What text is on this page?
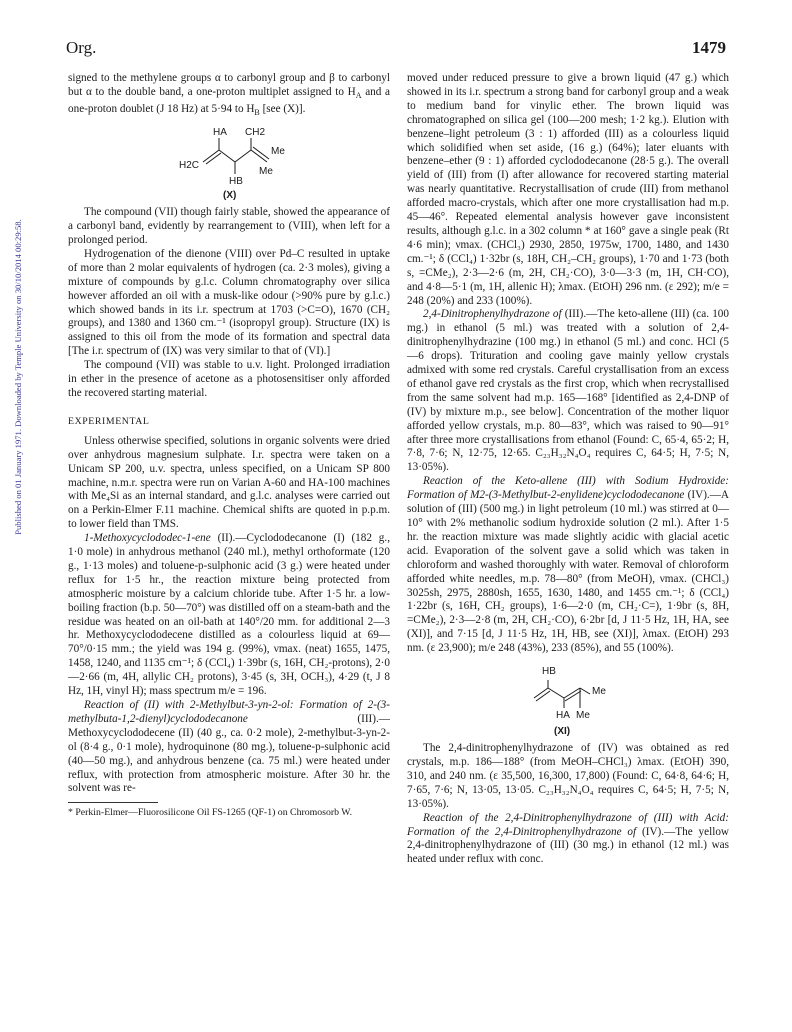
Org.	1479
Published on 01 January 1971. Downloaded by Temple University on 30/10/2014 00:29:58.

signed to the methylene groups α to carbonyl group and β to carbonyl but α to the double band, a one-proton multiplet assigned to $H_A$ and a one-proton doublet (J 18 Hz) at 5·94 to $H_B$ [see (X)].

HA CH2
Me
H2C
HB
Me
(X)

The compound (VII) though fairly stable, showed the appearance of a carbonyl band, evidently by rearrangement to (VIII), when left for a prolonged period.

Hydrogenation of the dienone (VIII) over Pd–C resulted in uptake of more than 2 molar equivalents of hydrogen (ca. 2·3 moles), giving a mixture of compounds by g.l.c. Column chromatography over silica however afforded an oil with a musk-like odour (>90% pure by g.l.c.) which showed bands in its i.r. spectrum at 1703 (>C=O), 1670 (CH₂ groups), and 1380 and 1360 cm.⁻¹ (isopropyl group). Structure (IX) is assigned to this oil from the mode of its formation and spectral data [The i.r. spectrum of (IX) was very similar to that of (VI).]

The compound (VII) was stable to u.v. light. Prolonged irradiation in ether in the presence of acetone as a photosensitiser only afforded the recovered starting material.

EXPERIMENTAL

Unless otherwise specified, solutions in organic solvents were dried over anhydrous magnesium sulphate. I.r. spectra were taken on a Unicam SP 200, u.v. spectra, unless specified, on a Unicam SP 800 machine, n.m.r. spectra were run on Varian A-60 and HA-100 machines with Me₄Si as an internal standard, and g.l.c. analyses were carried out on a Perkin-Elmer F.11 machine. Chemical shifts are quoted in p.p.m. to lower field than TMS.

1-Methoxycyclododec-1-ene (II).—Cyclododecanone (I) (182 g., 1·0 mole) in anhydrous methanol (240 ml.), methyl orthoformate (120 g., 1·13 moles) and toluene-p-sulphonic acid (3 g.) were heated under reflux for 1·5 hr., the reaction mixture being protected from atmospheric moisture by a calcium chloride tube. After 1·5 hr. a low-boiling fraction (b.p. 50—70°) was distilled off on a steam-bath and the residue was heated on an oil-bath at 140°/20 mm. for additional 2—3 hr. Methoxycyclododecene distilled as a colourless liquid at 69—70°/0·15 mm.; the yield was 194 g. (99%), νmax. (neat) 1655, 1475, 1458, 1240, and 1135 cm⁻¹; δ (CCl₄) 1·39br (s, 16H, CH₂-protons), 2·0—2·66 (m, 4H, allylic CH₂ protons), 3·45 (s, 3H, OCH₃), 4·29 (t, J 8 Hz, 1H, vinyl H); mass spectrum m/e = 196.

Reaction of (II) with 2-Methylbut-3-yn-2-ol: Formation of 2-(3-methylbuta-1,2-dienyl)cyclododecanone (III).—Methoxycyclododecene (II) (40 g., ca. 0·2 mole), 2-methylbut-3-yn-2-ol (8·4 g., 0·1 mole), hydroquinone (80 mg.), toluene-p-sulphonic acid (40—50 mg.), and anhydrous benzene (ca. 75 ml.) were heated under reflux, with protection from atmospheric moisture. After 30 hr. the solvent was re-

* Perkin-Elmer—Fluorosilicone Oil FS-1265 (QF-1) on Chromosorb W.

moved under reduced pressure to give a brown liquid (47 g.) which showed in its i.r. spectrum a strong band for carbonyl group and a weak to medium band for vinylic ether. The brown liquid was chromatographed on silica gel (100—200 mesh; 1·2 kg.). Elution with benzene–light petroleum (3 : 1) afforded (III) as a colourless liquid which solidified when set aside, (16 g.) (64%); later eluants with benzene–ether (9 : 1) afforded cyclododecanone (28·5 g.). The overall yield of (III) from (I) after allowance for recovered starting material was nearly quantitative. Recrystallisation of crude (III) from methanol afforded macro-crystals, which after one more crystallisation had m.p. 45—46°. Repeated elemental analysis however gave inconsistent results, although g.l.c. in a 302 column * at 160° gave a single peak (Rt 4·6 min); νmax. (CHCl₃) 2930, 2850, 1975w, 1700, 1480, and 1430 cm.⁻¹; δ (CCl₄) 1·32br (s, 18H, CH₂–CH₂ groups), 1·70 and 1·73 (both s, =CMe₂), 2·3—2·6 (m, 2H, CH₂·CO), 3·0—3·3 (m, 1H, CH·CO), and 4·8—5·1 (m, 1H, allenic H); λmax. (EtOH) 296 nm. (ε 292); m/e = 248 (20%) and 233 (100%).

2,4-Dinitrophenylhydrazone of (III).—The keto-allene (III) (ca. 100 mg.) in ethanol (5 ml.) was treated with a solution of 2,4-dinitrophenylhydrazine (100 mg.) in ethanol (5 ml.) and conc. HCl (5—6 drops). Trituration and cooling gave mainly yellow crystals admixed with some red crystals. Careful crystallisation from an excess of ethanol gave red crystals as the first crop, which when recrystallised from the same solvent had m.p. 165—168° [identified as 2,4-DNP of (IV) by mixture m.p., see below]. Concentration of the mother liquor afforded yellow crystals, m.p. 80—83°, which was raised to 90—91° after three more crystallisations from ethanol (Found: C, 65·4, 65·2; H, 7·8, 7·6; N, 12·75, 12·65. C₂₃H₃₂N₄O₄ requires C, 64·5; H, 7·5; N, 13·05%).

Reaction of the Keto-allene (III) with Sodium Hydroxide: Formation of M2-(3-Methylbut-2-enylidene)cyclododecanone (IV).—A solution of (III) (500 mg.) in light petroleum (10 ml.) was stirred at 0—10° with 2% methanolic sodium hydroxide solution (2 ml.). After 1·5 hr. the reaction mixture was made slightly acidic with glacial acetic acid. Evaporation of the solvent gave a solid which was taken in chloroform and washed thoroughly with water. Removal of chloroform afforded white needles, m.p. 78—80° (from MeOH), νmax. (CHCl₃) 3025sh, 2975, 2880sh, 1655, 1630, 1480, and 1455 cm.⁻¹; δ (CCl₄) 1·22br (s, 16H, CH₂ groups), 1·6—2·0 (m, CH₂·C=), 1·9br (s, 8H, =CMe₂), 2·3—2·8 (m, 2H, CH₂·CO), 6·2br [d, J 11·5 Hz, 1H, HA, see (XI)], and 7·15 [d, J 11·5 Hz, 1H, HB, see (XI)], λmax. (EtOH) 293 nm. (ε 23,900); m/e 248 (43%), 233 (85%), and 55 (100%).

HB
Me
HA Me
(XI)

The 2,4-dinitrophenylhydrazone of (IV) was obtained as red crystals, m.p. 186—188° (from MeOH–CHCl₃) λmax. (EtOH) 390, 310, and 240 nm. (ε 35,500, 16,300, 17,800) (Found: C, 64·8, 64·6; H, 7·65, 7·6; N, 13·05, 13·05. C₂₃H₃₂N₄O₄ requires C, 64·5; H, 7·5; N, 13·05%).

Reaction of the 2,4-Dinitrophenylhydrazone of (III) with Acid: Formation of the 2,4-Dinitrophenylhydrazone of (IV).—The yellow 2,4-dinitrophenylhydrazone of (III) (30 mg.) in ethanol (12 ml.) was heated under reflux with conc.
